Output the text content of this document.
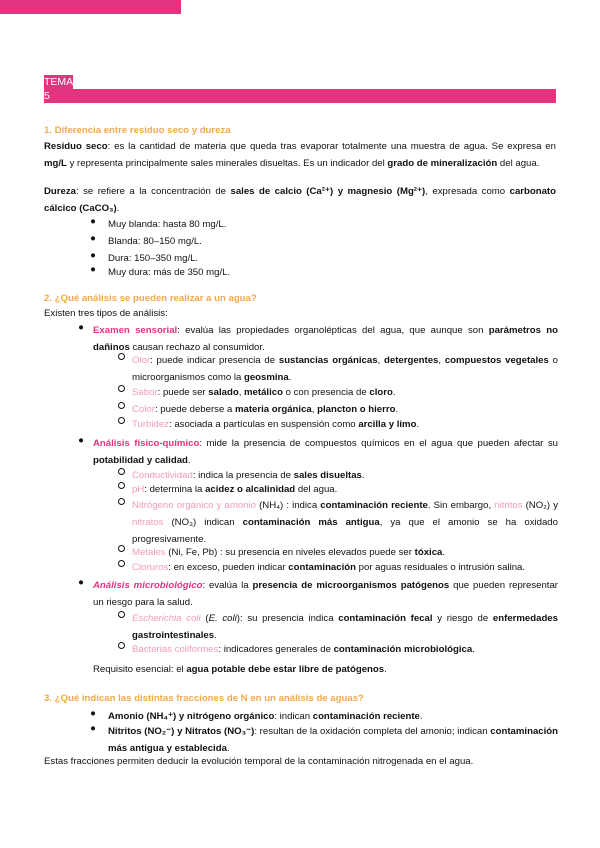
TEMA
5
1. Diferencia entre residuo seco y dureza
Residuo seco: es la cantidad de materia que queda tras evaporar totalmente una muestra de agua. Se expresa en mg/L y representa principalmente sales minerales disueltas. Es un indicador del grado de mineralización del agua.
Dureza: se refiere a la concentración de sales de calcio (Ca²⁺) y magnesio (Mg²⁺), expresada como carbonato cálcico (CaCO₃).
● Muy blanda: hasta 80 mg/L.
● Blanda: 80–150 mg/L.
● Dura: 150–350 mg/L.
● Muy dura: más de 350 mg/L.
2. ¿Qué análisis se pueden realizar a un agua?
Existen tres tipos de análisis:
● Examen sensorial: evalúa las propiedades organolépticas del agua, que aunque son parámetros no dañinos causan rechazo al consumidor.
Olor: puede indicar presencia de sustancias orgánicas, detergentes, compuestos vegetales o microorganismos como la geosmina.
Sabor: puede ser salado, metálico o con presencia de cloro.
Color: puede deberse a materia orgánica, plancton o hierro.
Turbidez: asociada a partículas en suspensión como arcilla y limo.
● Análisis físico-químico: mide la presencia de compuestos químicos en el agua que pueden afectar su potabilidad y calidad.
Conductividad: indica la presencia de sales disueltas.
pH: determina la acidez o alcalinidad del agua.
Nitrógeno orgánico y amonio (NH₄) : indica contaminación reciente. Sin embargo, nitritos (NO₂) y nitratos (NO₃) indican contaminación más antigua, ya que el amonio se ha oxidado progresivamente.
Metales (Ni, Fe, Pb) : su presencia en niveles elevados puede ser tóxica.
Cloruros: en exceso, pueden indicar contaminación por aguas residuales o intrusión salina.
● Análisis microbiológico: evalúa la presencia de microorganismos patógenos que pueden representar un riesgo para la salud.
Escherichia coli (E. coli): su presencia indica contaminación fecal y riesgo de enfermedades gastrointestinales.
Bacterias coliformes: indicadores generales de contaminación microbiológica.
Requisito esencial: el agua potable debe estar libre de patógenos.
3. ¿Qué indican las distintas fracciones de N en un análisis de aguas?
● Amonio (NH₄⁺) y nitrógeno orgánico: indican contaminación reciente.
● Nitritos (NO₂⁻) y Nitratos (NO₃⁻): resultan de la oxidación completa del amonio; indican contaminación más antigua y establecida.
Estas fracciones permiten deducir la evolución temporal de la contaminación nitrogenada en el agua.
